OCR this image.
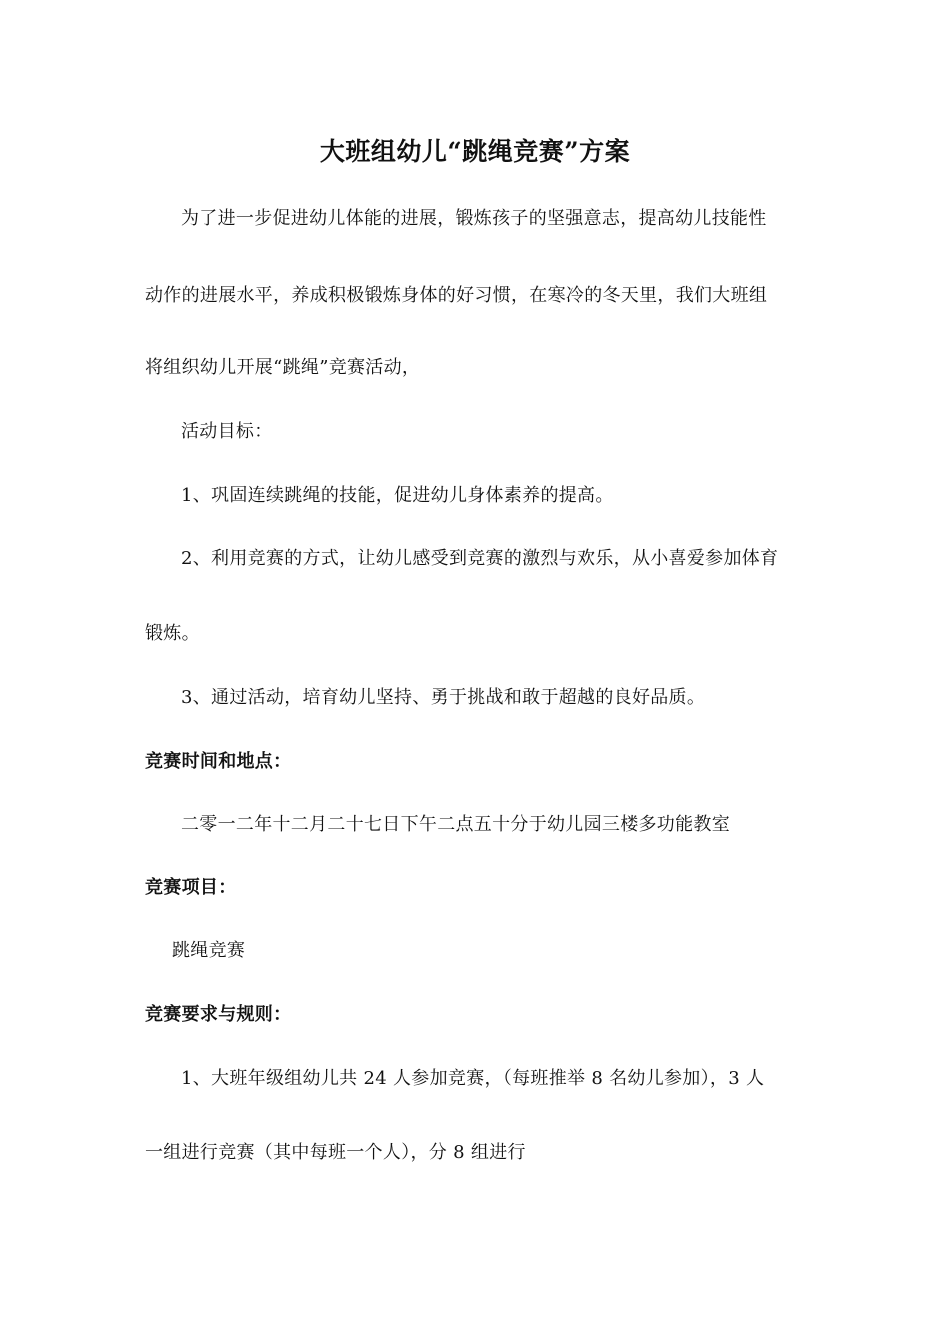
大班组幼儿“跳绳竞赛”方案
为了进一步促进幼儿体能的进展，锻炼孩子的坚强意志，提高幼儿技能性
动作的进展水平，养成积极锻炼身体的好习惯，在寒冷的冬天里，我们大班组
将组织幼儿开展“跳绳”竞赛活动，
活动目标：
1、巩固连续跳绳的技能，促进幼儿身体素养的提高。
2、利用竞赛的方式，让幼儿感受到竞赛的激烈与欢乐，从小喜爱参加体育
锻炼。
3、通过活动，培育幼儿坚持、勇于挑战和敢于超越的良好品质。
竞赛时间和地点：
二零一二年十二月二十七日下午二点五十分于幼儿园三楼多功能教室
竞赛项目：
跳绳竞赛
竞赛要求与规则：
1、大班年级组幼儿共 24 人参加竞赛，（每班推举 8 名幼儿参加），3 人
一组进行竞赛（其中每班一个人），分 8 组进行
